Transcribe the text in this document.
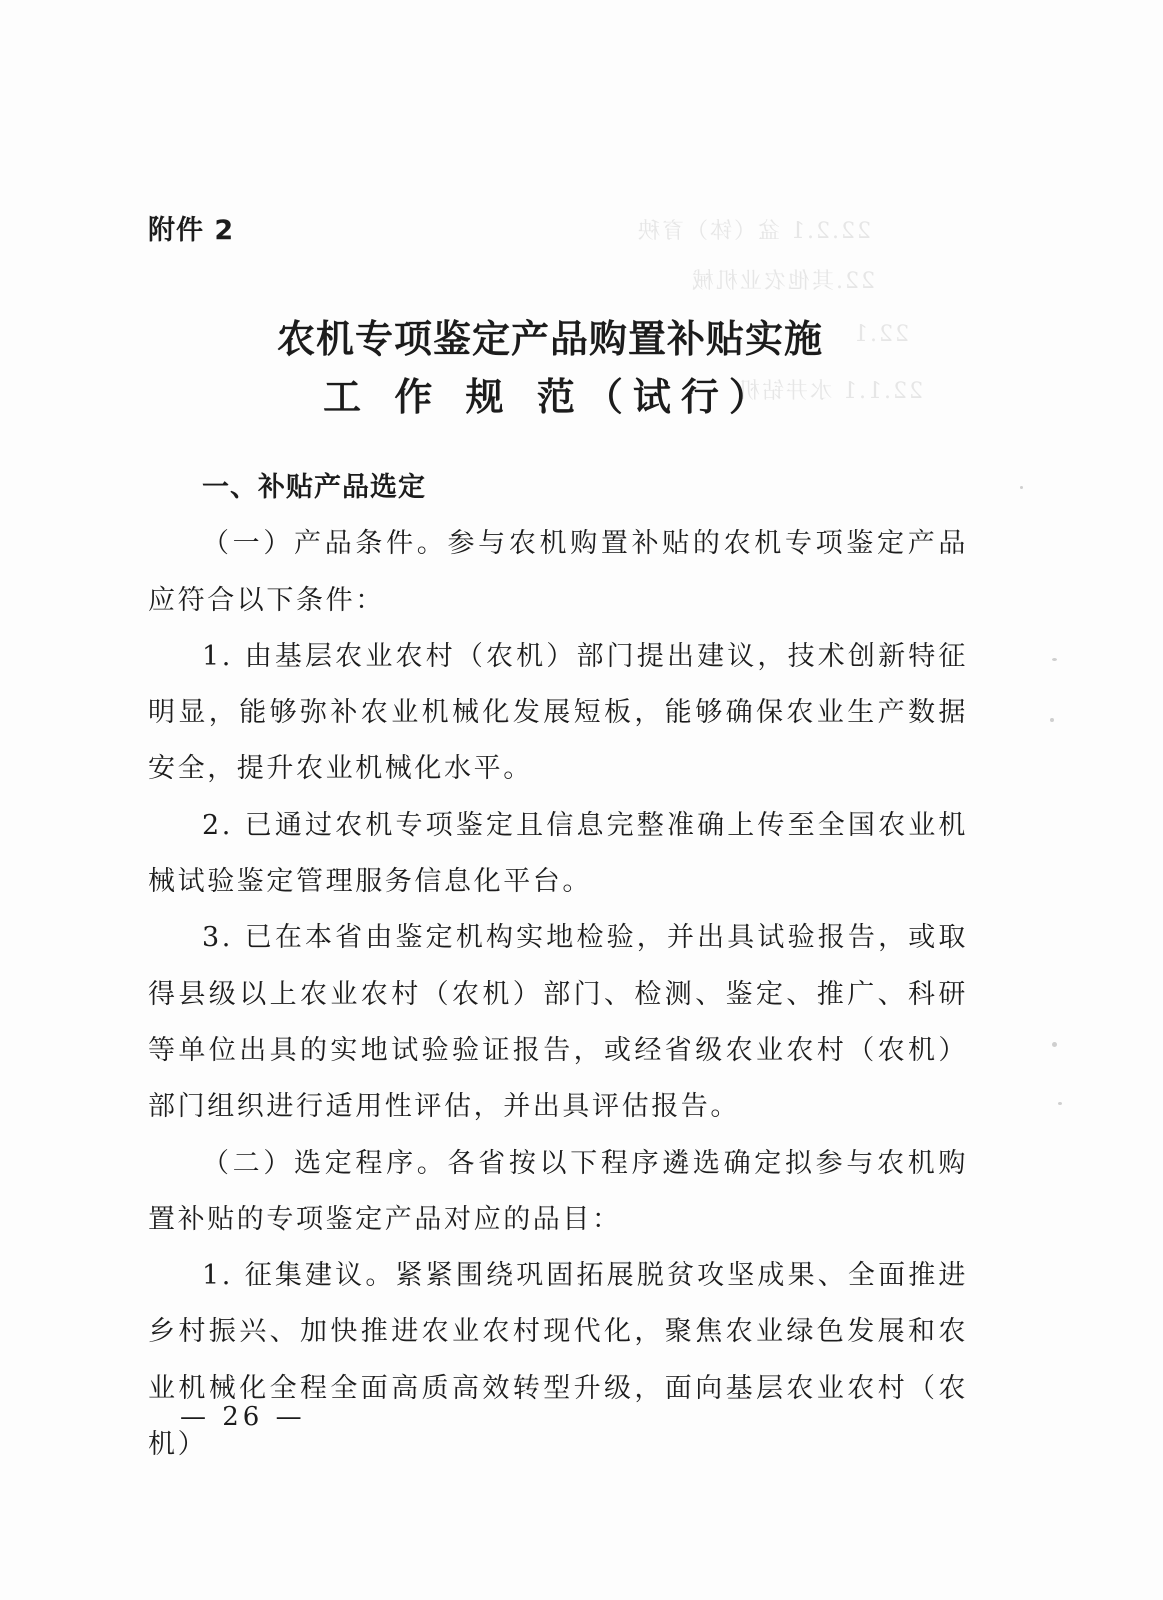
22.2.1 盆（钵）育秧
22.其他农业机械
22.1
22.1.1 水井钻机
附件 2
农机专项鉴定产品购置补贴实施
工 作 规 范（试行）

一、补贴产品选定

（一）产品条件。参与农机购置补贴的农机专项鉴定产品应符合以下条件：

1. 由基层农业农村（农机）部门提出建议，技术创新特征明显，能够弥补农业机械化发展短板，能够确保农业生产数据安全，提升农业机械化水平。

2. 已通过农机专项鉴定且信息完整准确上传至全国农业机械试验鉴定管理服务信息化平台。

3. 已在本省由鉴定机构实地检验，并出具试验报告，或取得县级以上农业农村（农机）部门、检测、鉴定、推广、科研等单位出具的实地试验验证报告，或经省级农业农村（农机）部门组织进行适用性评估，并出具评估报告。

（二）选定程序。各省按以下程序遴选确定拟参与农机购置补贴的专项鉴定产品对应的品目：

1. 征集建议。紧紧围绕巩固拓展脱贫攻坚成果、全面推进乡村振兴、加快推进农业农村现代化，聚焦农业绿色发展和农业机械化全程全面高质高效转型升级，面向基层农业农村（农机）

— 26 —
